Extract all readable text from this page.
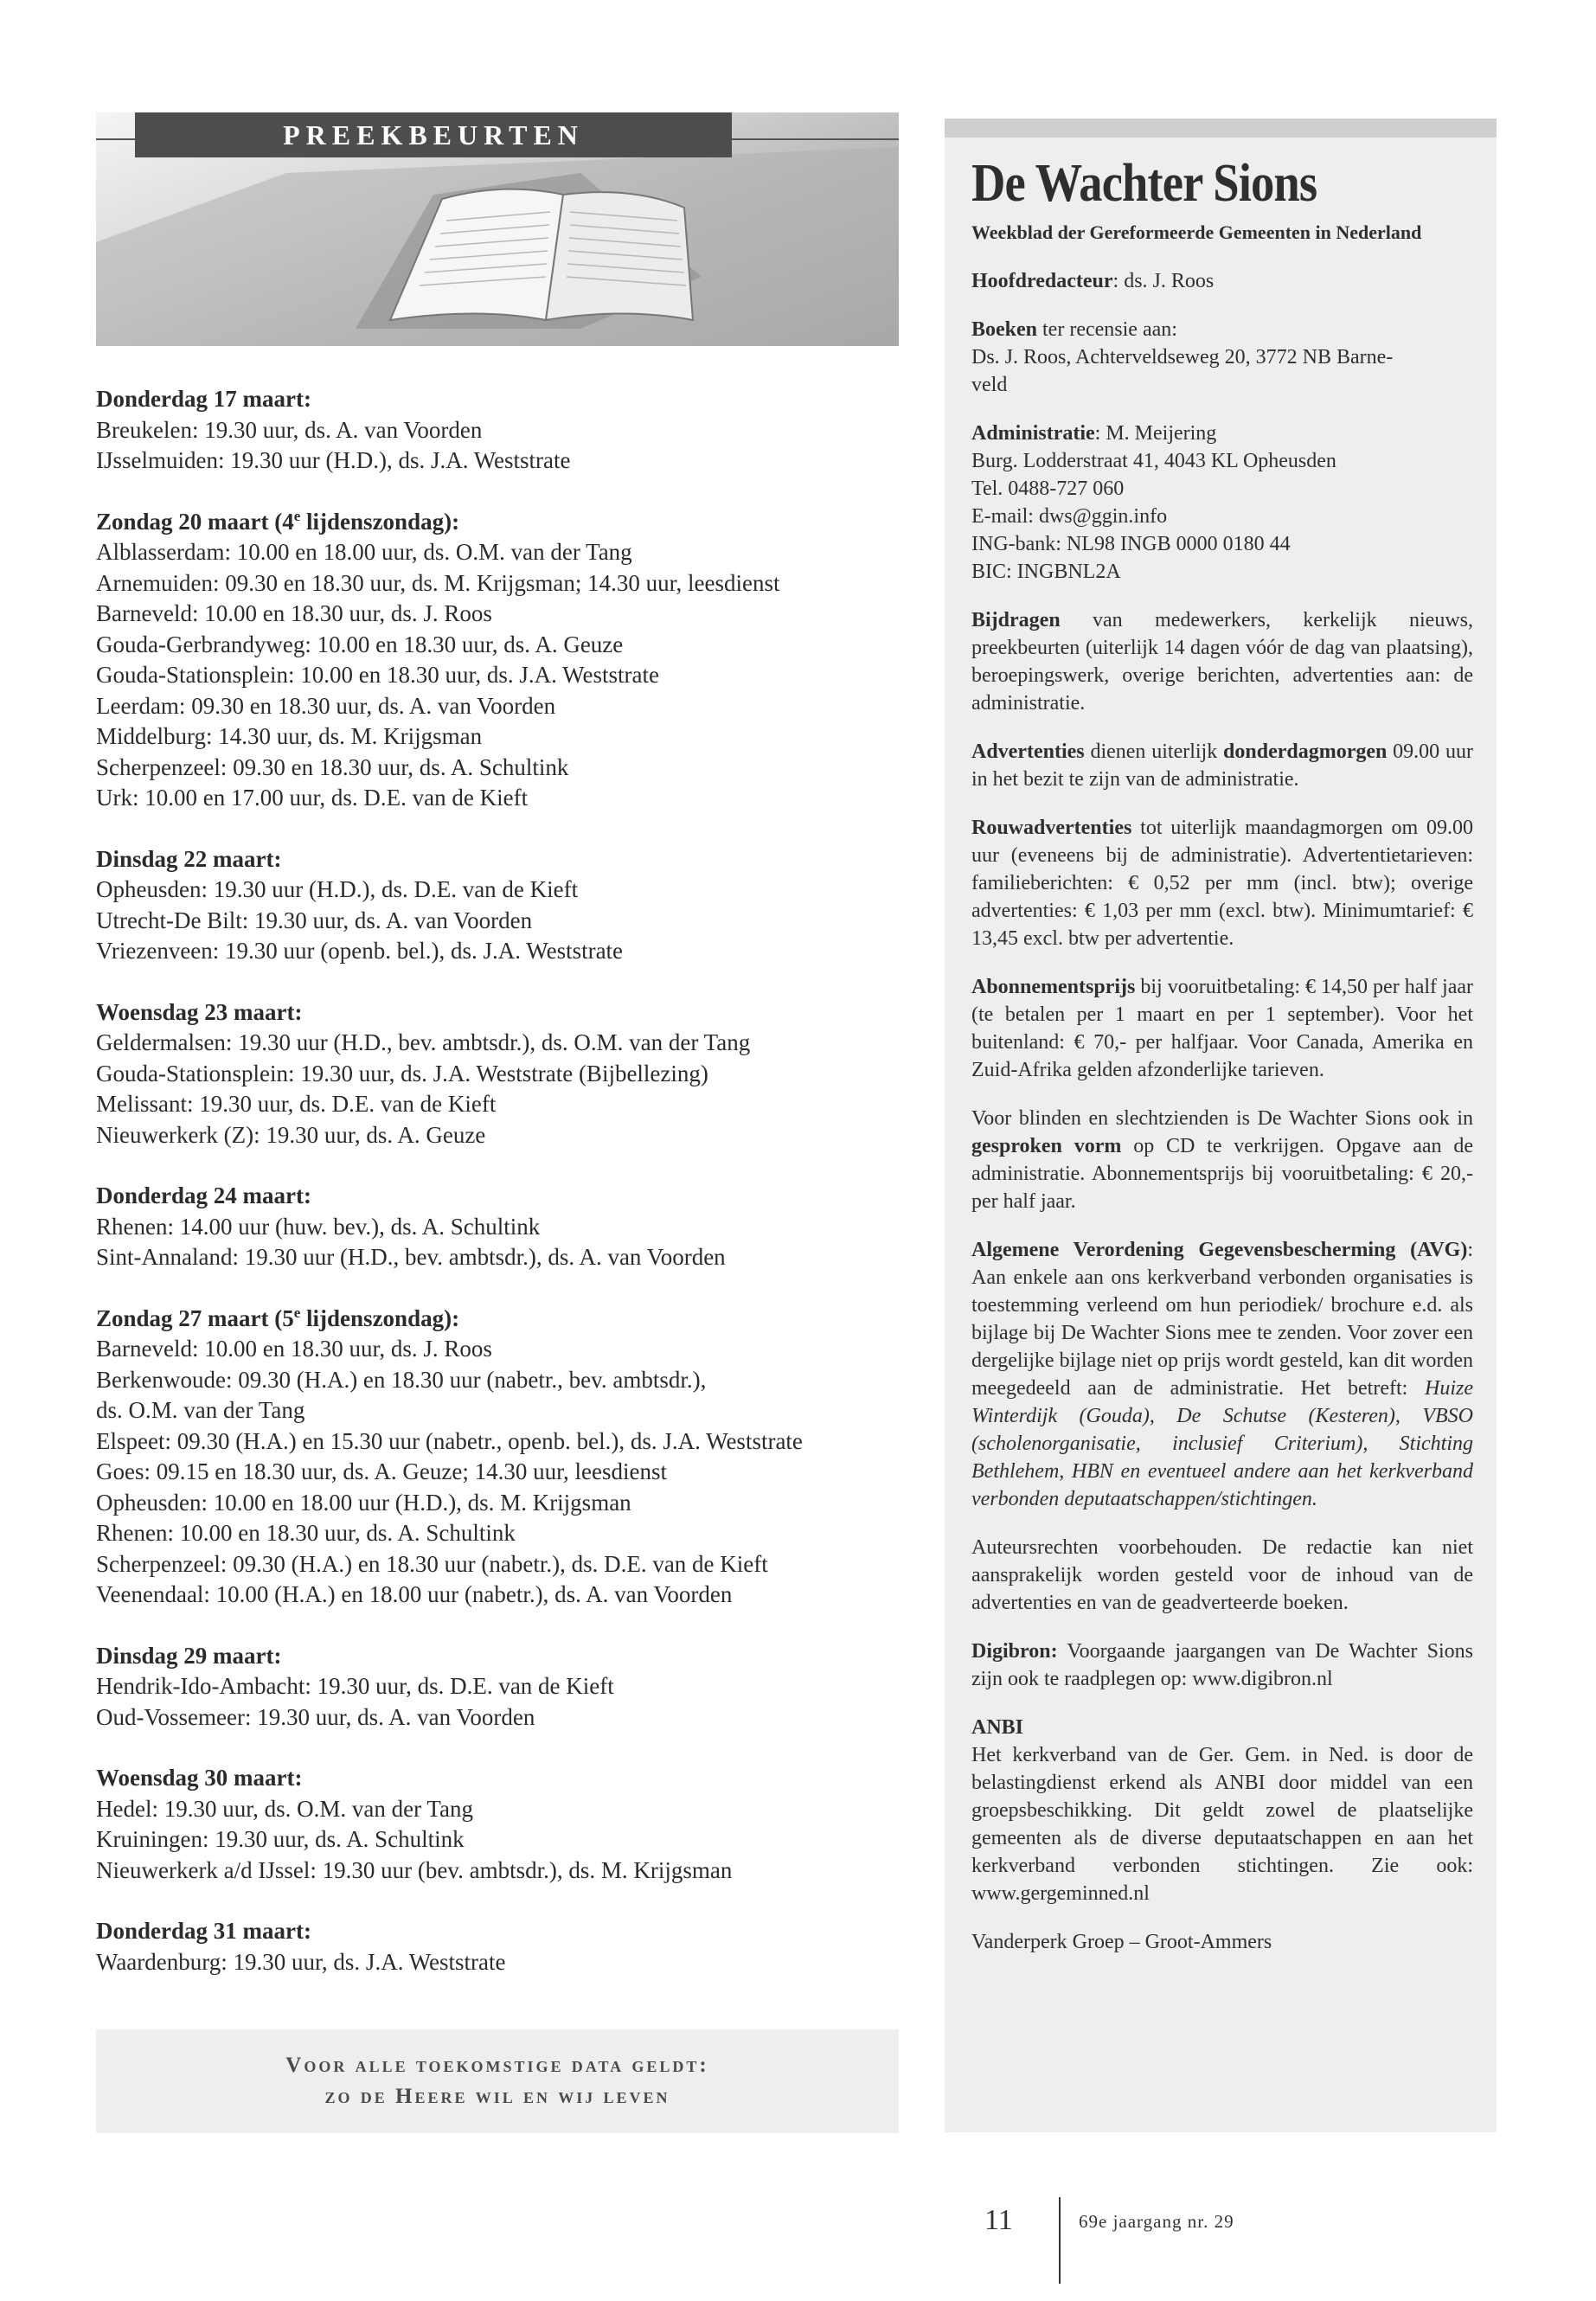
PREEKBEURTEN
Donderdag 17 maart:
Breukelen: 19.30 uur, ds. A. van Voorden
IJsselmuiden: 19.30 uur (H.D.), ds. J.A. Weststrate
Zondag 20 maart (4e lijdenszondag):
Alblasserdam: 10.00 en 18.00 uur, ds. O.M. van der Tang
Arnemuiden: 09.30 en 18.30 uur, ds. M. Krijgsman; 14.30 uur, leesdienst
Barneveld: 10.00 en 18.30 uur, ds. J. Roos
Gouda-Gerbrandyweg: 10.00 en 18.30 uur, ds. A. Geuze
Gouda-Stationsplein: 10.00 en 18.30 uur, ds. J.A. Weststrate
Leerdam: 09.30 en 18.30 uur, ds. A. van Voorden
Middelburg: 14.30 uur, ds. M. Krijgsman
Scherpenzeel: 09.30 en 18.30 uur, ds. A. Schultink
Urk: 10.00 en 17.00 uur, ds. D.E. van de Kieft
Dinsdag 22 maart:
Opheusden: 19.30 uur (H.D.), ds. D.E. van de Kieft
Utrecht-De Bilt: 19.30 uur, ds. A. van Voorden
Vriezenveen: 19.30 uur (openb. bel.), ds. J.A. Weststrate
Woensdag 23 maart:
Geldermalsen: 19.30 uur (H.D., bev. ambtsdr.), ds. O.M. van der Tang
Gouda-Stationsplein: 19.30 uur, ds. J.A. Weststrate (Bijbellezing)
Melissant: 19.30 uur, ds. D.E. van de Kieft
Nieuwerkerk (Z): 19.30 uur, ds. A. Geuze
Donderdag 24 maart:
Rhenen: 14.00 uur (huw. bev.), ds. A. Schultink
Sint-Annaland: 19.30 uur (H.D., bev. ambtsdr.), ds. A. van Voorden
Zondag 27 maart (5e lijdenszondag):
Barneveld: 10.00 en 18.30 uur, ds. J. Roos
Berkenwoude: 09.30 (H.A.) en 18.30 uur (nabetr., bev. ambtsdr.),
ds. O.M. van der Tang
Elspeet: 09.30 (H.A.) en 15.30 uur (nabetr., openb. bel.), ds. J.A. Weststrate
Goes: 09.15 en 18.30 uur, ds. A. Geuze; 14.30 uur, leesdienst
Opheusden: 10.00 en 18.00 uur (H.D.), ds. M. Krijgsman
Rhenen: 10.00 en 18.30 uur, ds. A. Schultink
Scherpenzeel: 09.30 (H.A.) en 18.30 uur (nabetr.), ds. D.E. van de Kieft
Veenendaal: 10.00 (H.A.) en 18.00 uur (nabetr.), ds. A. van Voorden
Dinsdag 29 maart:
Hendrik-Ido-Ambacht: 19.30 uur, ds. D.E. van de Kieft
Oud-Vossemeer: 19.30 uur, ds. A. van Voorden
Woensdag 30 maart:
Hedel: 19.30 uur, ds. O.M. van der Tang
Kruiningen: 19.30 uur, ds. A. Schultink
Nieuwerkerk a/d IJssel: 19.30 uur (bev. ambtsdr.), ds. M. Krijgsman
Donderdag 31 maart:
Waardenburg: 19.30 uur, ds. J.A. Weststrate
Voor alle toekomstige data geldt:
zo de Heere wil en wij leven
De Wachter Sions
Weekblad der Gereformeerde Gemeenten in Nederland
Hoofdredacteur: ds. J. Roos
Boeken ter recensie aan:
Ds. J. Roos, Achterveldseweg 20, 3772 NB Barne-
veld
Administratie: M. Meijering
Burg. Lodderstraat 41, 4043 KL Opheusden
Tel. 0488-727 060
E-mail: dws@ggin.info
ING-bank: NL98 INGB 0000 0180 44
BIC: INGBNL2A
Bijdragen van medewerkers, kerkelijk nieuws, preekbeurten (uiterlijk 14 dagen vóór de dag van plaatsing), beroepingswerk, overige berichten, advertenties aan: de administratie.
Advertenties dienen uiterlijk donderdagmorgen 09.00 uur in het bezit te zijn van de administratie.
Rouwadvertenties tot uiterlijk maandagmorgen om 09.00 uur (eveneens bij de administratie). Advertentietarieven: familieberichten: € 0,52 per mm (incl. btw); overige advertenties: € 1,03 per mm (excl. btw). Minimumtarief: € 13,45 excl. btw per advertentie.
Abonnementsprijs bij vooruitbetaling: € 14,50 per half jaar (te betalen per 1 maart en per 1 september). Voor het buitenland: € 70,- per halfjaar. Voor Canada, Amerika en Zuid-Afrika gelden afzonderlijke tarieven.
Voor blinden en slechtzienden is De Wachter Sions ook in gesproken vorm op CD te verkrijgen. Opgave aan de administratie. Abonnementsprijs bij vooruitbetaling: € 20,- per half jaar.
Algemene Verordening Gegevensbescherming (AVG): Aan enkele aan ons kerkverband verbonden organisaties is toestemming verleend om hun periodiek/ brochure e.d. als bijlage bij De Wachter Sions mee te zenden. Voor zover een dergelijke bijlage niet op prijs wordt gesteld, kan dit worden meegedeeld aan de administratie. Het betreft: Huize Winterdijk (Gouda), De Schutse (Kesteren), VBSO (scholenorganisatie, inclusief Criterium), Stichting Bethlehem, HBN en eventueel andere aan het kerkverband verbonden deputaatschappen/stichtingen.
Auteursrechten voorbehouden. De redactie kan niet aansprakelijk worden gesteld voor de inhoud van de advertenties en van de geadverteerde boeken.
Digibron: Voorgaande jaargangen van De Wachter Sions zijn ook te raadplegen op: www.digibron.nl
ANBI
Het kerkverband van de Ger. Gem. in Ned. is door de belastingdienst erkend als ANBI door middel van een groepsbeschikking. Dit geldt zowel de plaatselijke gemeenten als de diverse deputaatschappen en aan het kerkverband verbonden stichtingen. Zie ook: www.gergeminned.nl
Vanderperk Groep – Groot-Ammers
11	69e jaargang nr. 29
